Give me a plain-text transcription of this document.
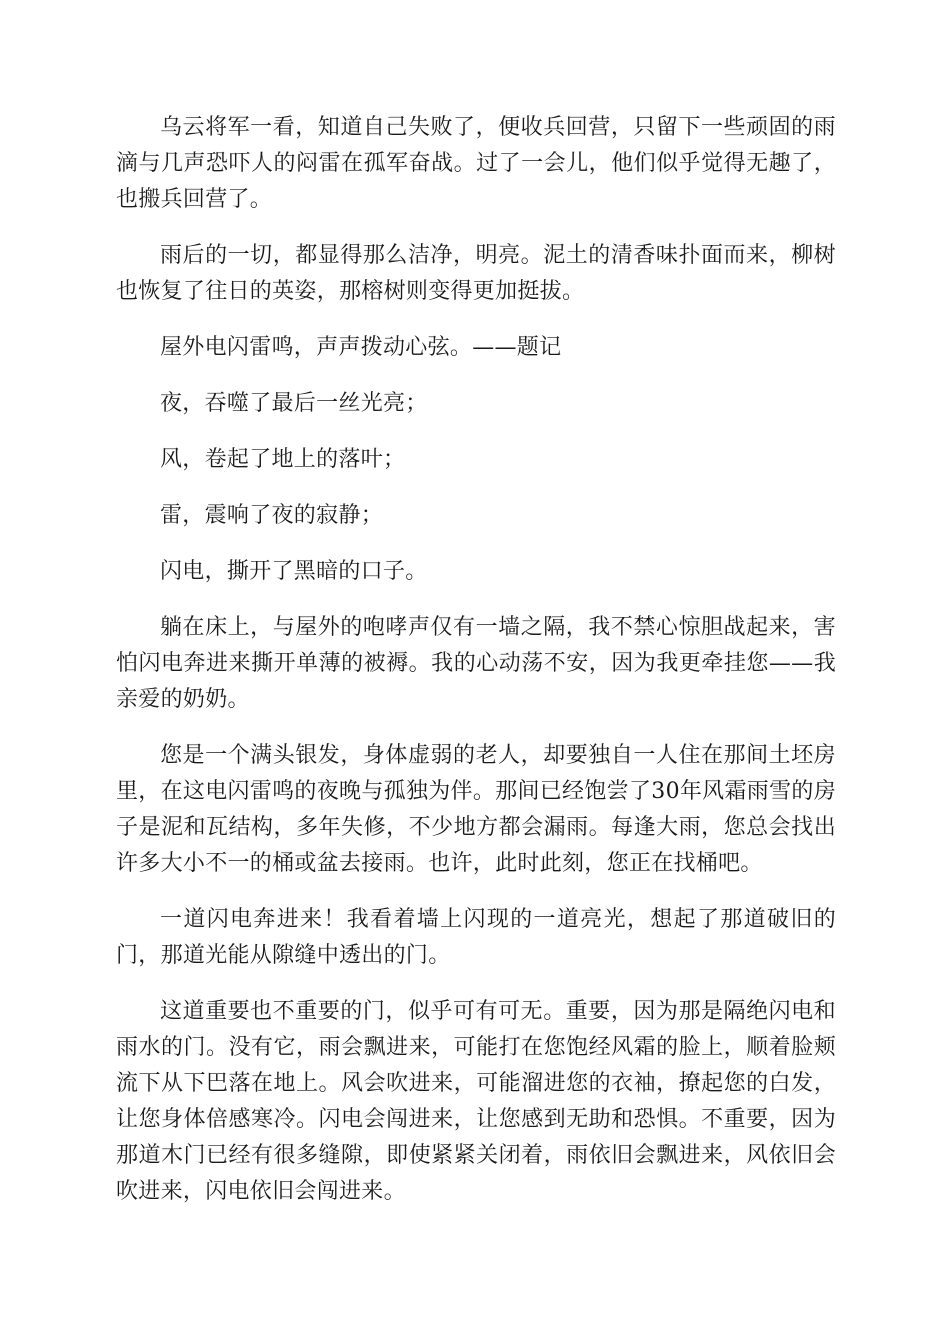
乌云将军一看，知道自己失败了，便收兵回营，只留下一些顽固的雨滴与几声恐吓人的闷雷在孤军奋战。过了一会儿，他们似乎觉得无趣了，也搬兵回营了。

雨后的一切，都显得那么洁净，明亮。泥土的清香味扑面而来，柳树也恢复了往日的英姿，那榕树则变得更加挺拔。

屋外电闪雷鸣，声声拨动心弦。——题记

夜，吞噬了最后一丝光亮；

风，卷起了地上的落叶；

雷，震响了夜的寂静；

闪电，撕开了黑暗的口子。

躺在床上，与屋外的咆哮声仅有一墙之隔，我不禁心惊胆战起来，害怕闪电奔进来撕开单薄的被褥。我的心动荡不安，因为我更牵挂您——我亲爱的奶奶。

您是一个满头银发，身体虚弱的老人，却要独自一人住在那间土坯房里，在这电闪雷鸣的夜晚与孤独为伴。那间已经饱尝了30年风霜雨雪的房子是泥和瓦结构，多年失修，不少地方都会漏雨。每逢大雨，您总会找出许多大小不一的桶或盆去接雨。也许，此时此刻，您正在找桶吧。

一道闪电奔进来！我看着墙上闪现的一道亮光，想起了那道破旧的门，那道光能从隙缝中透出的门。

这道重要也不重要的门，似乎可有可无。重要，因为那是隔绝闪电和雨水的门。没有它，雨会飘进来，可能打在您饱经风霜的脸上，顺着脸颊流下从下巴落在地上。风会吹进来，可能溜进您的衣袖，撩起您的白发，让您身体倍感寒冷。闪电会闯进来，让您感到无助和恐惧。不重要，因为那道木门已经有很多缝隙，即使紧紧关闭着，雨依旧会飘进来，风依旧会吹进来，闪电依旧会闯进来。
